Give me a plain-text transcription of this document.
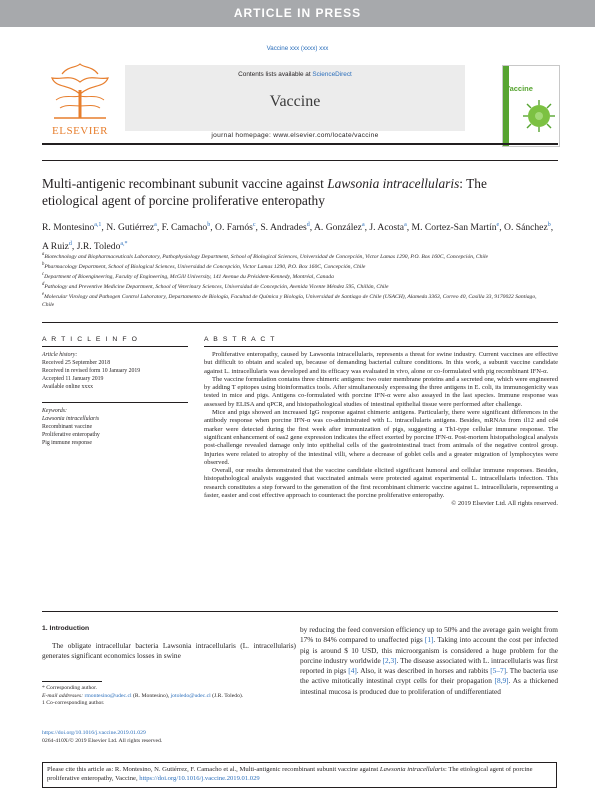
ARTICLE IN PRESS
Vaccine xxx (xxxx) xxx
ELSEVIER
Contents lists available at ScienceDirect
Vaccine
journal homepage: www.elsevier.com/locate/vaccine
Vaccine
Multi-antigenic recombinant subunit vaccine against Lawsonia intracellularis: The etiological agent of porcine proliferative enteropathy
R. Montesino$^{a,1}$, N. Gutiérrez$^a$, F. Camacho$^b$, O. Farnós$^c$, S. Andrades$^d$, A. González$^a$, J. Acosta$^a$, M. Cortez-San Martín$^e$, O. Sánchez$^b$, A Ruiz$^d$, J.R. Toledo$^{a,*}$
$^a$Biotechnology and Biopharmaceuticals Laboratory, Pathophysiology Department, School of Biological Sciences, Universidad de Concepción, Victor Lamas 1290, P.O. Box 160C, Concepción, Chile
$^b$Pharmacology Department, School of Biological Sciences, Universidad de Concepción, Victor Lamas 1290, P.O. Box 160C, Concepción, Chile
$^c$Department of Bioengineering, Faculty of Engineering, McGill University, 141 Avenue du Président-Kennedy, Montréal, Canada
$^d$Pathology and Preventive Medicine Department, School of Veterinary Sciences, Universidad de Concepción, Avenida Vicente Méndez 595, Chillán, Chile
$^e$Molecular Virology and Pathogen Control Laboratory, Departamento de Biología, Facultad de Química y Biología, Universidad de Santiago de Chile (USACH), Alameda 3363, Correo 40, Casilla 33, 9170022 Santiago, Chile
A R T I C L E I N F O	A B S T R A C T
Article history:
Received 25 September 2018
Received in revised form 10 January 2019
Accepted 11 January 2019
Available online xxxx
Keywords:
Lawsonia intracellularis
Recombinant vaccine
Proliferative enteropathy
Pig immune response

Proliferative enteropathy, caused by Lawsonia intracellularis, represents a threat for swine industry. Current vaccines are effective but difficult to obtain and scaled up, because of demanding bacterial culture conditions. In this work, a subunit vaccine candidate against L. intracellularis was developed and its efficacy was evaluated in vivo, alone or co-formulated with pig recombinant IFN-α.

The vaccine formulation contains three chimeric antigens: two outer membrane proteins and a secreted one, which were engineered by adding T epitopes using bioinformatics tools. After simultaneously expressing the three antigens in E. coli, its immunogenicity was tested in mice and pigs. Antigens co-formulated with porcine IFN-α were also assayed in the last species. Immune response was assessed by ELISA and qPCR, and histopathological studies of intestinal epithelial tissue were performed after challenge.

Mice and pigs showed an increased IgG response against chimeric antigens. Particularly, there were significant differences in the antibody response when porcine IFN-α was co-administrated with L. intracellularis antigens. Besides, mRNAs from il12 and cd4 marker were detected during the first week after immunization of pigs, suggesting a Th1-type cellular immune response. The significant enhancement of oas2 gene expression indicates the effect exerted by porcine IFN-α. Post-mortem histopathological analysis post-challenge revealed damage only into epithelial cells of the gastrointestinal tract from animals of the negative control group. Injuries were related to atrophy of the intestinal villi, where a decrease of goblet cells and a greater migration of lymphocytes were observed.

Overall, our results demonstrated that the vaccine candidate elicited significant humoral and cellular immune responses. Besides, histopathological analysis suggested that vaccinated animals were protected against experimental L. intracellularis infection. This research constitutes a step forward to the generation of the first recombinant chimeric vaccine against L. intracellularis, representing a faster, easier and cost effective approach to counteract the porcine proliferative enteropathy.

© 2019 Elsevier Ltd. All rights reserved.

1. Introduction
The obligate intracellular bacteria Lawsonia intracellularis (L. intracellularis) generates significant economics losses in swine
by reducing the feed conversion efficiency up to 50% and the average gain weight from 17% to 84% compared to unaffected pigs [1]. Taking into account the cost per infected pig is around $ 10 USD, this microorganism is considered a huge problem for the porcine industry worldwide [2,3]. The disease associated with L. intracellularis was first reported in pigs [4]. Also, it was described in horses and rabbits [5–7]. The bacteria use the active mitotically intestinal crypt cells for their propagation [8,9]. As a thickened intestinal mucosa is produced due to proliferation of undifferentiated
* Corresponding author.
E-mail addresses: rmontesino@udec.cl (R. Montesino), jotoledo@udec.cl (J.R. Toledo).
1 Co-corresponding author.
https://doi.org/10.1016/j.vaccine.2019.01.029
0264-410X/© 2019 Elsevier Ltd. All rights reserved.
Please cite this article as: R. Montesino, N. Gutiérrez, F. Camacho et al., Multi-antigenic recombinant subunit vaccine against Lawsonia intracellularis: The etiological agent of porcine proliferative enteropathy, Vaccine, https://doi.org/10.1016/j.vaccine.2019.01.029
